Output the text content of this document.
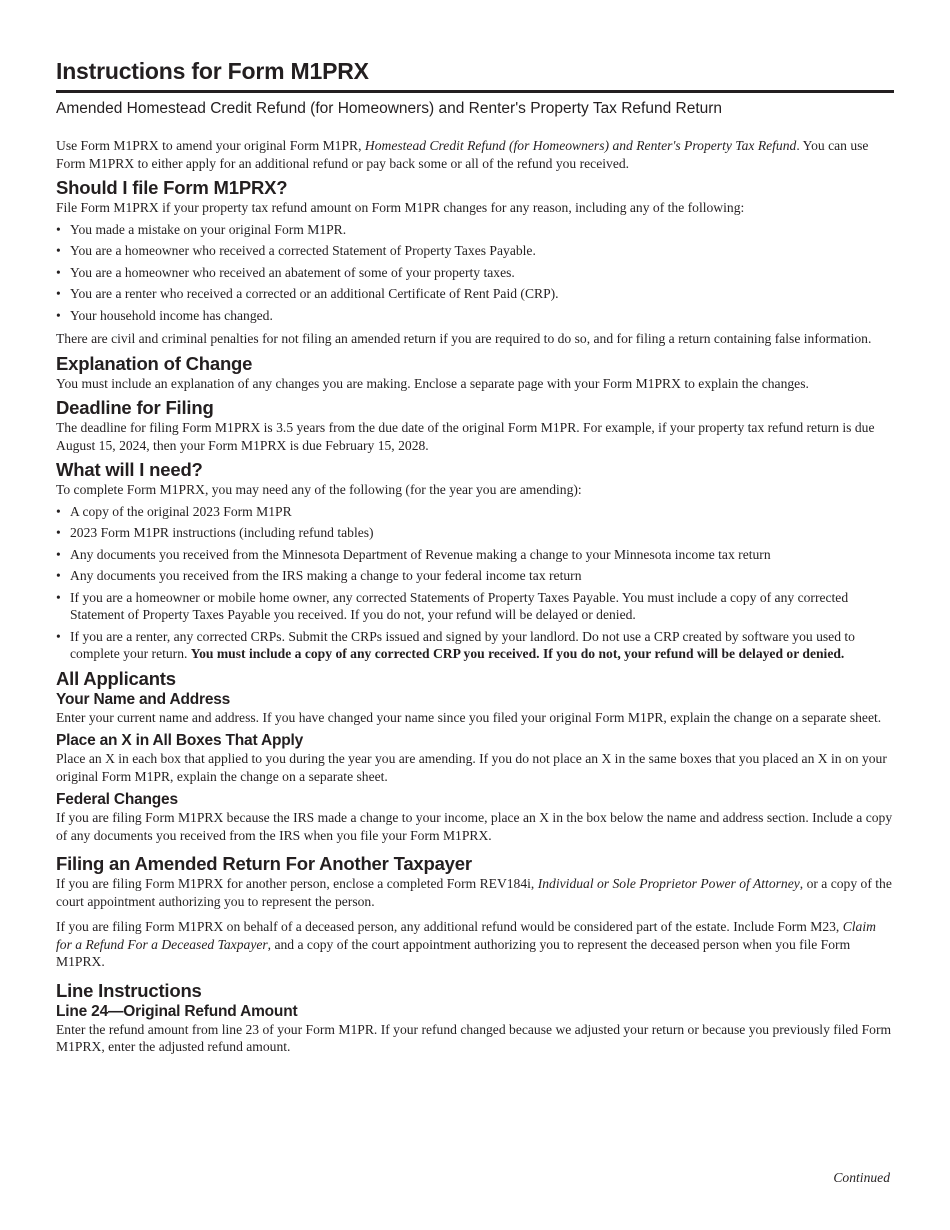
Instructions for Form M1PRX

Amended Homestead Credit Refund (for Homeowners) and Renter's Property Tax Refund Return

Use Form M1PRX to amend your original Form M1PR, Homestead Credit Refund (for Homeowners) and Renter's Property Tax Refund. You can use Form M1PRX to either apply for an additional refund or pay back some or all of the refund you received.

Should I file Form M1PRX?

File Form M1PRX if your property tax refund amount on Form M1PR changes for any reason, including any of the following:

• You made a mistake on your original Form M1PR.
• You are a homeowner who received a corrected Statement of Property Taxes Payable.
• You are a homeowner who received an abatement of some of your property taxes.
• You are a renter who received a corrected or an additional Certificate of Rent Paid (CRP).
• Your household income has changed.

There are civil and criminal penalties for not filing an amended return if you are required to do so, and for filing a return containing false information.

Explanation of Change

You must include an explanation of any changes you are making. Enclose a separate page with your Form M1PRX to explain the changes.

Deadline for Filing

The deadline for filing Form M1PRX is 3.5 years from the due date of the original Form M1PR. For example, if your property tax refund return is due August 15, 2024, then your Form M1PRX is due February 15, 2028.

What will I need?

To complete Form M1PRX, you may need any of the following (for the year you are amending):

• A copy of the original 2023 Form M1PR
• 2023 Form M1PR instructions (including refund tables)
• Any documents you received from the Minnesota Department of Revenue making a change to your Minnesota income tax return
• Any documents you received from the IRS making a change to your federal income tax return
• If you are a homeowner or mobile home owner, any corrected Statements of Property Taxes Payable. You must include a copy of any corrected Statement of Property Taxes Payable you received. If you do not, your refund will be delayed or denied.
• If you are a renter, any corrected CRPs. Submit the CRPs issued and signed by your landlord. Do not use a CRP created by software you used to complete your return. You must include a copy of any corrected CRP you received. If you do not, your refund will be delayed or denied.
All Applicants
Your Name and Address

Enter your current name and address. If you have changed your name since you filed your original Form M1PR, explain the change on a separate sheet.

Place an X in All Boxes That Apply

Place an X in each box that applied to you during the year you are amending. If you do not place an X in the same boxes that you placed an X in on your original Form M1PR, explain the change on a separate sheet.

Federal Changes

If you are filing Form M1PRX because the IRS made a change to your income, place an X in the box below the name and address section. Include a copy of any documents you received from the IRS when you file your Form M1PRX.

Filing an Amended Return For Another Taxpayer

If you are filing Form M1PRX for another person, enclose a completed Form REV184i, Individual or Sole Proprietor Power of Attorney, or a copy of the court appointment authorizing you to represent the person.

If you are filing Form M1PRX on behalf of a deceased person, any additional refund would be considered part of the estate. Include Form M23, Claim for a Refund For a Deceased Taxpayer, and a copy of the court appointment authorizing you to represent the deceased person when you file Form M1PRX.

Line Instructions
Line 24—Original Refund Amount

Enter the refund amount from line 23 of your Form M1PR. If your refund changed because we adjusted your return or because you previously filed Form M1PRX, enter the adjusted refund amount.

Continued
